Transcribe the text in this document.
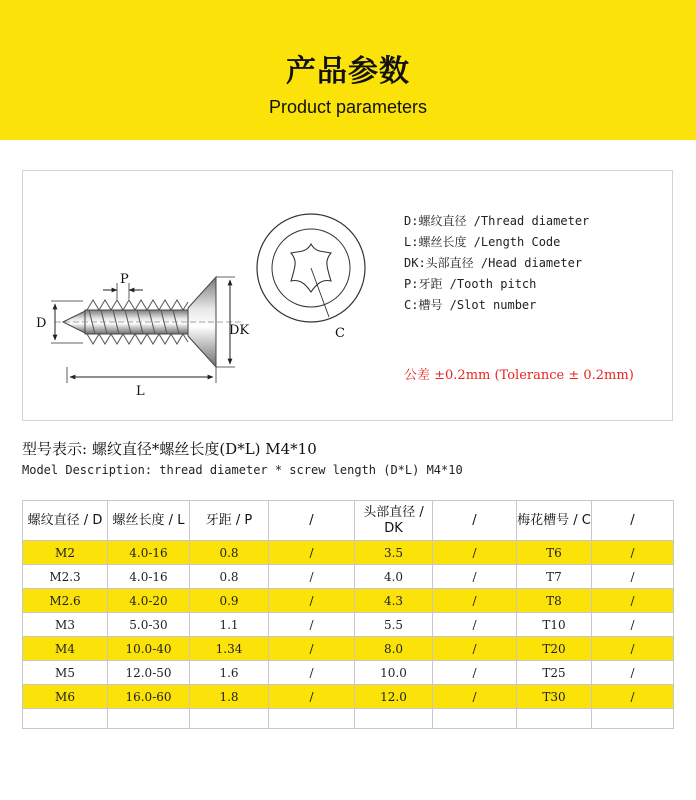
产品参数
Product parameters
D
P
DK
L
C
D:螺纹直径 /Thread diameter
L:螺丝长度 /Length Code
DK:头部直径 /Head diameter
P:牙距 /Tooth pitch
C:槽号 /Slot number
公差 ±0.2mm (Tolerance ± 0.2mm)
型号表示: 螺纹直径*螺丝长度(D*L) M4*10
Model Description: thread diameter * screw length (D*L) M4*10
螺纹直径 / D	螺丝长度 / L	牙距 / P	/	头部直径 / DK	/	梅花槽号 / C	/
M2	4.0-16	0.8	/	3.5	/	T6	/
M2.3	4.0-16	0.8	/	4.0	/	T7	/
M2.6	4.0-20	0.9	/	4.3	/	T8	/
M3	5.0-30	1.1	/	5.5	/	T10	/
M4	10.0-40	1.34	/	8.0	/	T20	/
M5	12.0-50	1.6	/	10.0	/	T25	/
M6	16.0-60	1.8	/	12.0	/	T30	/
